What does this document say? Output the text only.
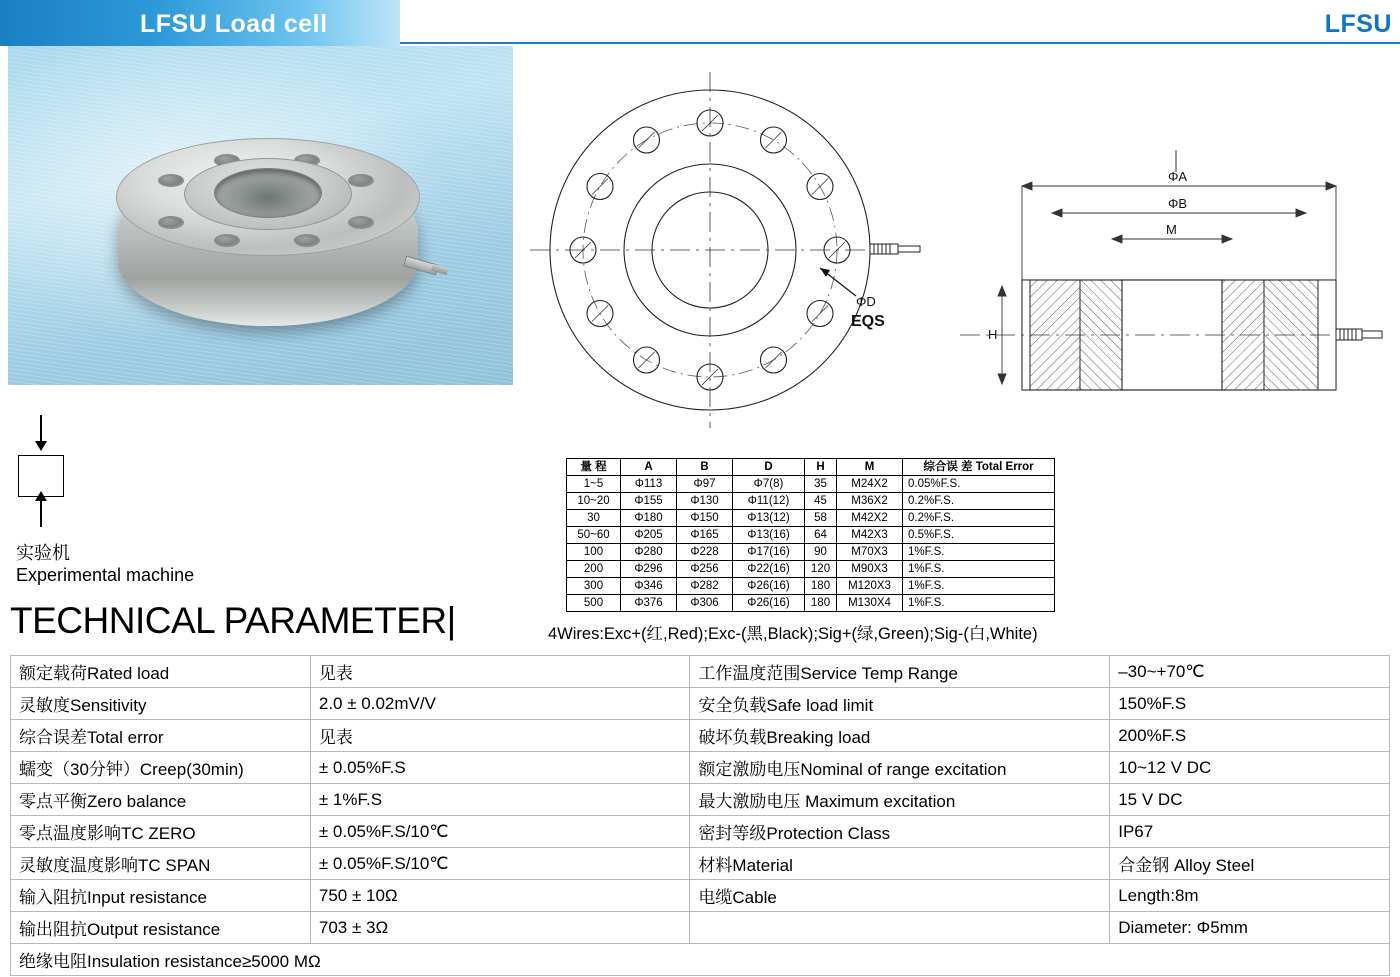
LFSU Load cell	LFSU
实验机
Experimental machine
ΦD
EQS
ΦA
ΦB
M
H
量 程	A	B	D	H	M	综合误 差 Total Error
1~5	Φ113	Φ97	Φ7(8)	35	M24X2	0.05%F.S.
10~20	Φ155	Φ130	Φ11(12)	45	M36X2	0.2%F.S.
30	Φ180	Φ150	Φ13(12)	58	M42X2	0.2%F.S.
50~60	Φ205	Φ165	Φ13(16)	64	M42X3	0.5%F.S.
100	Φ280	Φ228	Φ17(16)	90	M70X3	1%F.S.
200	Φ296	Φ256	Φ22(16)	120	M90X3	1%F.S.
300	Φ346	Φ282	Φ26(16)	180	M120X3	1%F.S.
500	Φ376	Φ306	Φ26(16)	180	M130X4	1%F.S.
TECHNICAL PARAMETER|	4Wires:Exc+(红,Red);Exc-(黑,Black);Sig+(绿,Green);Sig-(白,White)
额定载荷Rated load	见表	工作温度范围Service Temp Range	–30~+70℃
灵敏度Sensitivity	2.0 ± 0.02mV/V	安全负载Safe load limit	150%F.S
综合误差Total error	见表	破坏负载Breaking load	200%F.S
蠕变（30分钟）Creep(30min)	± 0.05%F.S	额定激励电压Nominal of range excitation	10~12 V DC
零点平衡Zero balance	± 1%F.S	最大激励电压 Maximum excitation	15 V DC
零点温度影响TC ZERO	± 0.05%F.S/10℃	密封等级Protection Class	IP67
灵敏度温度影响TC SPAN	± 0.05%F.S/10℃	材料Material	合金钢 Alloy Steel
输入阻抗Input resistance	750 ± 10Ω	电缆Cable	Length:8m
输出阻抗Output resistance	703 ± 3Ω		Diameter: Φ5mm
绝缘电阻Insulation resistance≥5000 MΩ			
